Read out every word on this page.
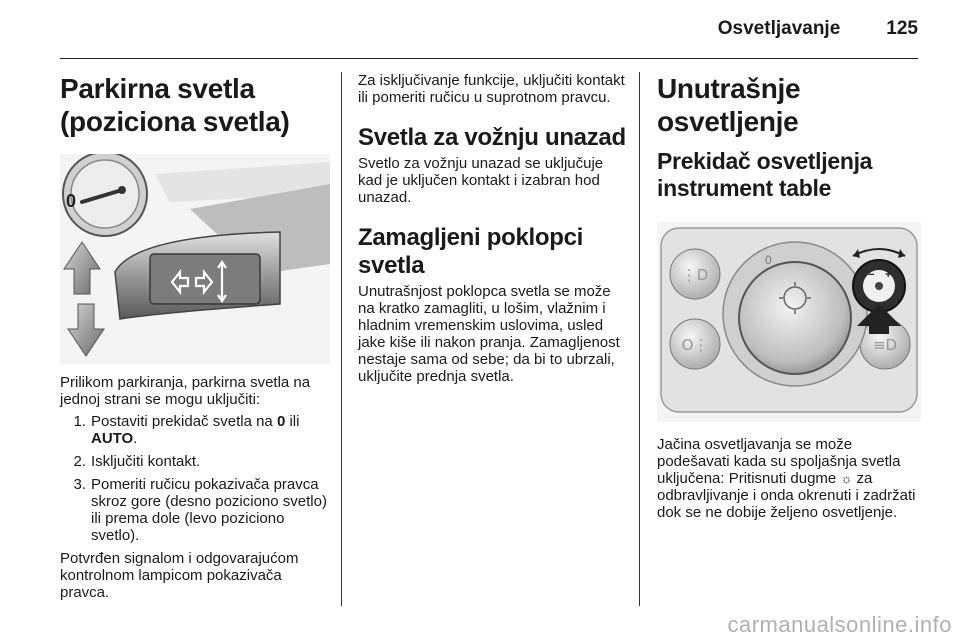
Osvetljavanje 125
Parkirna svetla (poziciona svetla)
0

Prilikom parkiranja, parkirna svetla na jednoj strani se mogu uključiti:

1. Postaviti prekidač svetla na 0 ili AUTO.
2. Isključiti kontakt.
3. Pomeriti ručicu pokazivača pravca skroz gore (desno poziciono svetlo) ili prema dole (levo poziciono svetlo).

Potvrđen signalom i odgovarajućom kontrolnom lampicom pokazivača pravca.

Za isključivanje funkcije, uključiti kontakt ili pomeriti ručicu u suprotnom pravcu.

Svetla za vožnju unazad

Svetlo za vožnju unazad se uključuje kad je uključen kontakt i izabran hod unazad.

Zamagljeni poklopci svetla

Unutrašnjost poklopca svetla se može na kratko zamagliti, u lošim, vlažnim i hladnim vremenskim uslovima, usled jake kiše ili nakon pranja. Zamagljenost nestaje sama od sebe; da bi to ubrzali, uključite prednja svetla.

Unutrašnje osvetljenje
Prekidač osvetljenja instrument table
⋮D
O⋮	≡D
0
− +

Jačina osvetljavanja se može podešavati kada su spoljašnja svetla uključena: Pritisnuti dugme ☼ za odbravljivanje i onda okrenuti i zadržati dok se ne dobije željeno osvetljenje.

carmanualsonline.info
